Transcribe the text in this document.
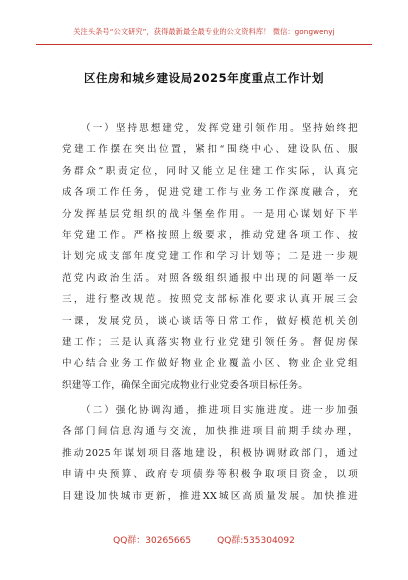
关注头条号“公文研究”，获得最新最全最专业的公文资料库！ 微信：gongwenyj
区住房和城乡建设局2025年度重点工作计划
（一）坚持思想建党，发挥党建引领作用。坚持始终把
党建工作摆在突出位置，紧扣“围绕中心、建设队伍、服
务群众”职责定位，同时又能立足住建工作实际，认真完
成各项工作任务，促进党建工作与业务工作深度融合，充
分发挥基层党组织的战斗堡垒作用。一是用心谋划好下半
年党建工作。严格按照上级要求，推动党建各项工作、按
计划完成支部年度党建工作和学习计划等；二是进一步规
范党内政治生活。对照各级组织通报中出现的问题举一反
三，进行整改规范。按照党支部标准化要求认真开展三会
一课，发展党员，谈心谈话等日常工作，做好模范机关创
建工作；三是认真落实物业行业党建引领任务。督促房保
中心结合业务工作做好物业企业覆盖小区、物业企业党组
织建等工作，确保全面完成物业行业党委各项目标任务。
（二）强化协调沟通，推进项目实施进度。进一步加强
各部门间信息沟通与交流，加快推进项目前期手续办理，
推动2025年谋划项目落地建设，积极协调财政部门，通过
申请中央预算、政府专项债券等积极争取项目资金，以项
目建设加快城市更新，推进XX城区高质量发展。加快推进
QQ群：30265665	QQ群:535304092
